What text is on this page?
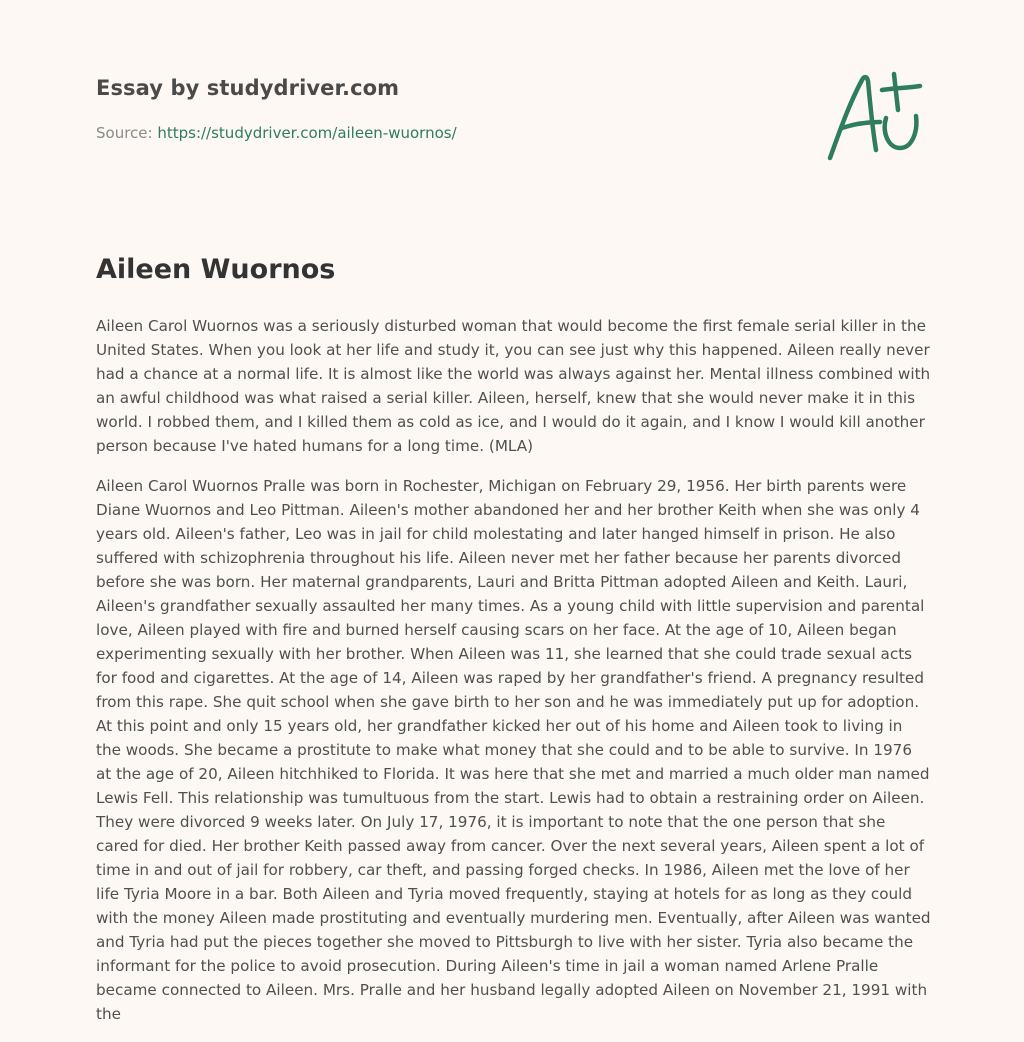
Essay by studydriver.com
Source: https://studydriver.com/aileen-wuornos/
Aileen Wuornos

Aileen Carol Wuornos was a seriously disturbed woman that would become the first female serial killer in the United States. When you look at her life and study it, you can see just why this happened. Aileen really never had a chance at a normal life. It is almost like the world was always against her. Mental illness combined with an awful childhood was what raised a serial killer. Aileen, herself, knew that she would never make it in this world. I robbed them, and I killed them as cold as ice, and I would do it again, and I know I would kill another person because I've hated humans for a long time. (MLA)

Aileen Carol Wuornos Pralle was born in Rochester, Michigan on February 29, 1956. Her birth parents were Diane Wuornos and Leo Pittman. Aileen's mother abandoned her and her brother Keith when she was only 4 years old. Aileen's father, Leo was in jail for child molestating and later hanged himself in prison. He also suffered with schizophrenia throughout his life. Aileen never met her father because her parents divorced before she was born. Her maternal grandparents, Lauri and Britta Pittman adopted Aileen and Keith. Lauri, Aileen's grandfather sexually assaulted her many times. As a young child with little supervision and parental love, Aileen played with fire and burned herself causing scars on her face. At the age of 10, Aileen began experimenting sexually with her brother. When Aileen was 11, she learned that she could trade sexual acts for food and cigarettes. At the age of 14, Aileen was raped by her grandfather's friend. A pregnancy resulted from this rape. She quit school when she gave birth to her son and he was immediately put up for adoption. At this point and only 15 years old, her grandfather kicked her out of his home and Aileen took to living in the woods. She became a prostitute to make what money that she could and to be able to survive. In 1976 at the age of 20, Aileen hitchhiked to Florida. It was here that she met and married a much older man named Lewis Fell. This relationship was tumultuous from the start. Lewis had to obtain a restraining order on Aileen. They were divorced 9 weeks later. On July 17, 1976, it is important to note that the one person that she cared for died. Her brother Keith passed away from cancer. Over the next several years, Aileen spent a lot of time in and out of jail for robbery, car theft, and passing forged checks. In 1986, Aileen met the love of her life Tyria Moore in a bar. Both Aileen and Tyria moved frequently, staying at hotels for as long as they could with the money Aileen made prostituting and eventually murdering men. Eventually, after Aileen was wanted and Tyria had put the pieces together she moved to Pittsburgh to live with her sister. Tyria also became the informant for the police to avoid prosecution. During Aileen's time in jail a woman named Arlene Pralle became connected to Aileen. Mrs. Pralle and her husband legally adopted Aileen on November 21, 1991 with the
